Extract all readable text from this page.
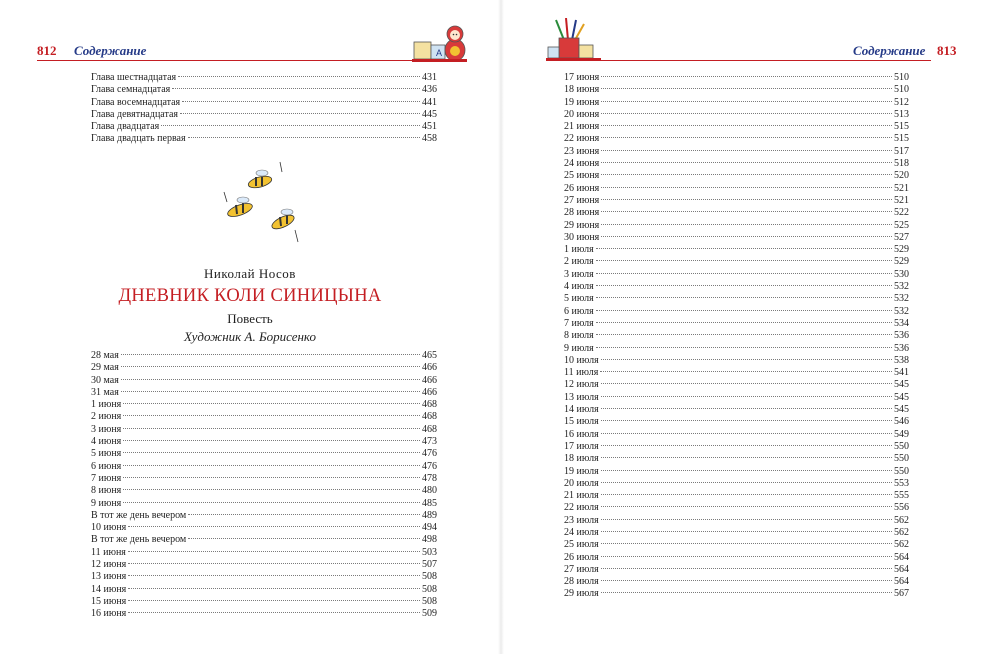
812 Содержание	A
Глава шестнадцатая	431
Глава семнадцатая	436
Глава восемнадцатая	441
Глава девятнадцатая	445
Глава двадцатая	451
Глава двадцать первая	458
Николай Носов
ДНЕВНИК КОЛИ СИНИЦЫНА
Повесть
Художник А. Борисенко
28 мая	465
29 мая	466
30 мая	466
31 мая	466
1 июня	468
2 июня	468
3 июня	468
4 июня	473
5 июня	476
6 июня	476
7 июня	478
8 июня	480
9 июня	485
В тот же день вечером	489
10 июня	494
В тот же день вечером	498
11 июня	503
12 июня	507
13 июня	508
14 июня	508
15 июня	508
16 июня	509
Содержание 813
17 июня	510
18 июня	510
19 июня	512
20 июня	513
21 июня	515
22 июня	515
23 июня	517
24 июня	518
25 июня	520
26 июня	521
27 июня	521
28 июня	522
29 июня	525
30 июня	527
1 июля	529
2 июля	529
3 июля	530
4 июля	532
5 июля	532
6 июля	532
7 июля	534
8 июля	536
9 июля	536
10 июля	538
11 июля	541
12 июля	545
13 июля	545
14 июля	545
15 июля	546
16 июля	549
17 июля	550
18 июля	550
19 июля	550
20 июля	553
21 июля	555
22 июля	556
23 июля	562
24 июля	562
25 июля	562
26 июля	564
27 июля	564
28 июля	564
29 июля	567
